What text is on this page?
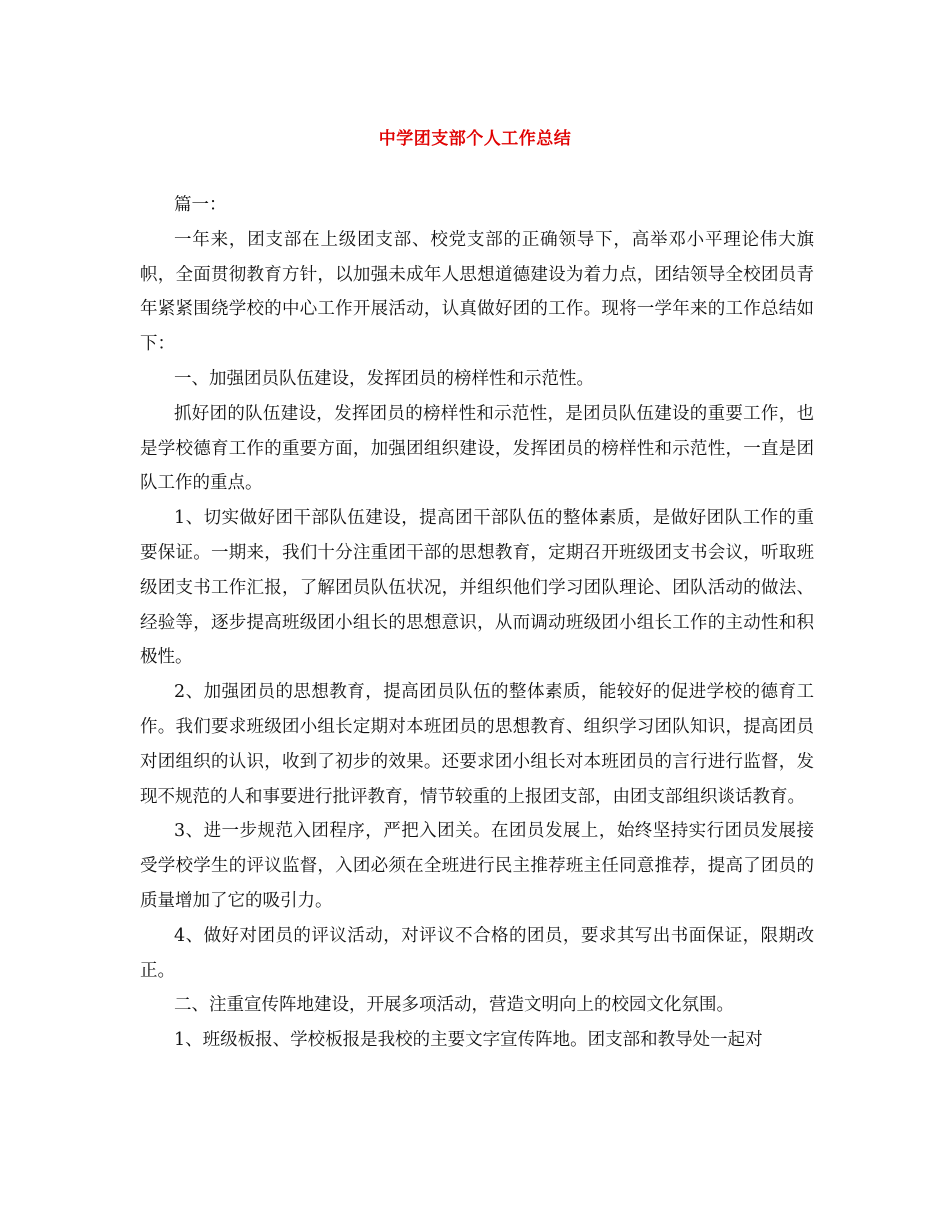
中学团支部个人工作总结

篇一：

一年来，团支部在上级团支部、校党支部的正确领导下，高举邓小平理论伟大旗帜，全面贯彻教育方针，以加强未成年人思想道德建设为着力点，团结领导全校团员青年紧紧围绕学校的中心工作开展活动，认真做好团的工作。现将一学年来的工作总结如下：

一、加强团员队伍建设，发挥团员的榜样性和示范性。

抓好团的队伍建设，发挥团员的榜样性和示范性，是团员队伍建设的重要工作，也是学校德育工作的重要方面，加强团组织建设，发挥团员的榜样性和示范性，一直是团队工作的重点。

1、切实做好团干部队伍建设，提高团干部队伍的整体素质，是做好团队工作的重要保证。一期来，我们十分注重团干部的思想教育，定期召开班级团支书会议，听取班级团支书工作汇报，了解团员队伍状况，并组织他们学习团队理论、团队活动的做法、经验等，逐步提高班级团小组长的思想意识，从而调动班级团小组长工作的主动性和积极性。

2、加强团员的思想教育，提高团员队伍的整体素质，能较好的促进学校的德育工作。我们要求班级团小组长定期对本班团员的思想教育、组织学习团队知识，提高团员对团组织的认识，收到了初步的效果。还要求团小组长对本班团员的言行进行监督，发现不规范的人和事要进行批评教育，情节较重的上报团支部，由团支部组织谈话教育。

3、进一步规范入团程序，严把入团关。在团员发展上，始终坚持实行团员发展接受学校学生的评议监督，入团必须在全班进行民主推荐班主任同意推荐，提高了团员的质量增加了它的吸引力。

4、做好对团员的评议活动，对评议不合格的团员，要求其写出书面保证，限期改正。

二、注重宣传阵地建设，开展多项活动，营造文明向上的校园文化氛围。

1、班级板报、学校板报是我校的主要文字宣传阵地。团支部和教导处一起对
